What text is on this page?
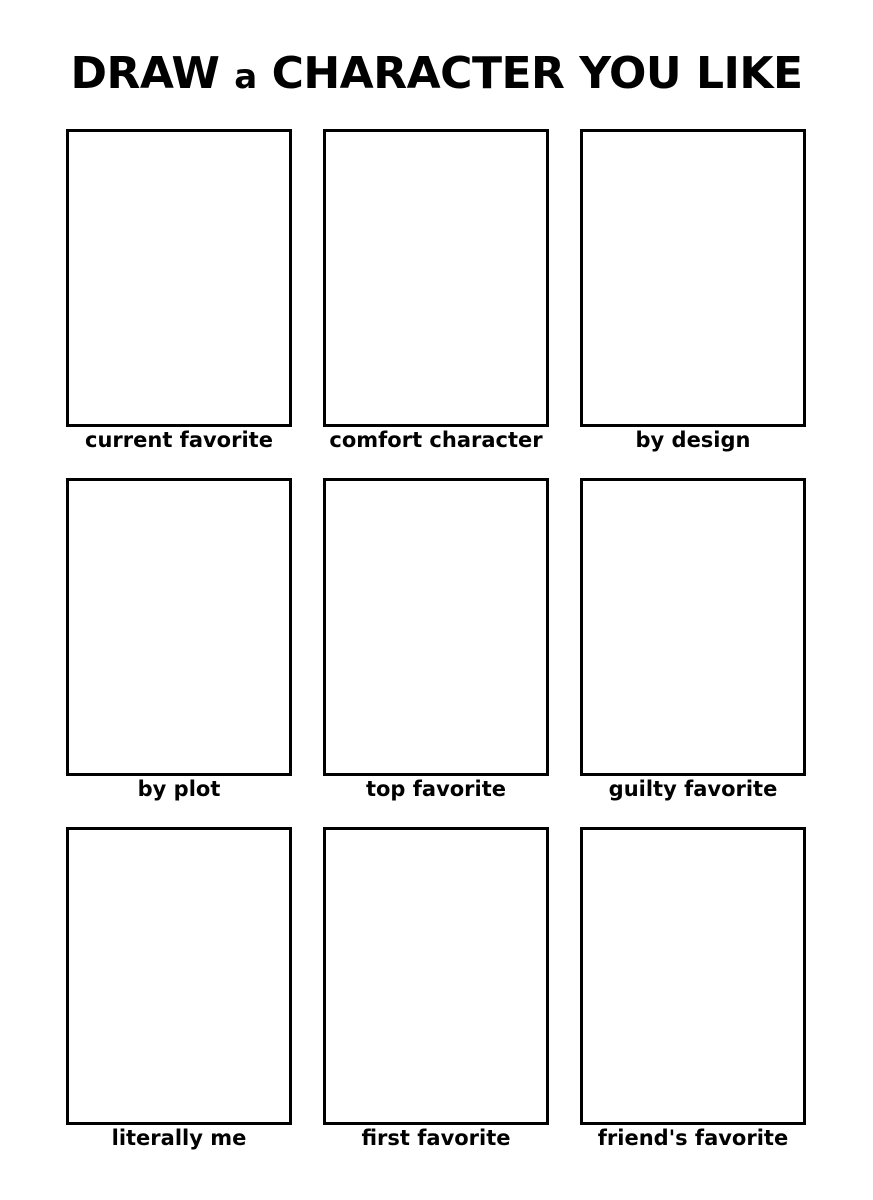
DRAW a CHARACTER YOU LIKE
current favorite	comfort character	by design
by plot	top favorite	guilty favorite
literally me	first favorite	friend's favorite
